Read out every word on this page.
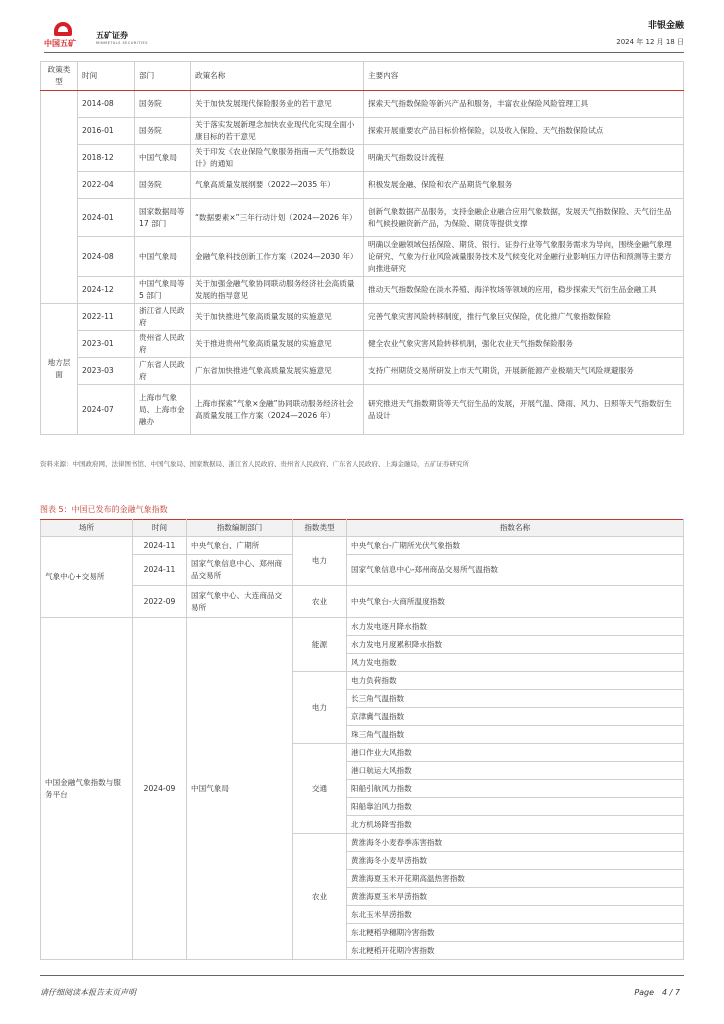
中国五矿
五矿证券
MINMETALS SECURITIES
非银金融
2024 年 12 月 18 日
政策类型	时间	部门	政策名称	主要内容
	2014-08	国务院	关于加快发展现代保险服务业的若干意见	探索天气指数保险等新兴产品和服务，丰富农业保险风险管理工具
	2016-01	国务院	关于落实发展新理念加快农业现代化实现全面小康目标的若干意见	探索开展重要农产品目标价格保险，以及收入保险、天气指数保险试点
	2018-12	中国气象局	关于印发《农业保险气象服务指南—天气指数设计》的通知	明确天气指数设计流程
	2022-04	国务院	气象高质量发展纲要（2022—2035 年）	积极发展金融、保险和农产品期货气象服务
	2024-01	国家数据局等 17 部门	“数据要素×”三年行动计划（2024—2026 年）	创新气象数据产品服务，支持金融企业融合应用气象数据，发展天气指数保险、天气衍生品和气候投融资新产品，为保险、期货等提供支撑
	2024-08	中国气象局	金融气象科技创新工作方案（2024—2030 年）	明确以金融领域包括保险、期货、银行、证券行业等气象服务需求为导向，围绕金融气象理论研究、气象为行业风险减量服务技术及气候变化对金融行业影响压力评估和预测等主要方向推进研究
	2024-12	中国气象局等 5 部门	关于加强金融气象协同联动服务经济社会高质量发展的指导意见	推动天气指数保险在淡水养殖、海洋牧场等领域的应用，稳步探索天气衍生品金融工具
地方层面	2022-11	浙江省人民政府	关于加快推进气象高质量发展的实施意见	完善气象灾害风险转移制度，推行气象巨灾保险，优化推广气象指数保险
	2023-01	贵州省人民政府	关于推进贵州气象高质量发展的实施意见	健全农业气象灾害风险转移机制，强化农业天气指数保险服务
	2023-03	广东省人民政府	广东省加快推进气象高质量发展实施意见	支持广州期货交易所研发上市天气期货，开展新能源产业极端天气风险规避服务
	2024-07	上海市气象局、上海市金融办	上海市探索“气象×金融”协同联动服务经济社会高质量发展工作方案（2024—2026 年）	研究推进天气指数期货等天气衍生品的发展，开展气温、降雨、风力、日照等天气指数衍生品设计
资料来源：中国政府网、法律图书馆、中国气象局、国家数据局、浙江省人民政府、贵州省人民政府、广东省人民政府、上海金融局，五矿证券研究所
图表 5：中国已发布的金融气象指数
场所	时间	指数编制部门	指数类型	指数名称
气象中心+交易所	2024-11	中央气象台、广期所	电力	中央气象台-广期所光伏气象指数
	2024-11	国家气象信息中心、郑州商品交易所		国家气象信息中心-郑州商品交易所气温指数
	2022-09	国家气象中心、大连商品交易所	农业	中央气象台-大商所温度指数
中国金融气象指数与服务平台	2024-09	中国气象局	能源	水力发电逐月降水指数
				水力发电月度累积降水指数
				风力发电指数
			电力	电力负荷指数
				长三角气温指数
				京津冀气温指数
				珠三角气温指数
			交通	港口作业大风指数
				港口航运大风指数
				阳船引航风力指数
				阳船靠泊风力指数
				北方机场降雪指数
			农业	黄淮海冬小麦春季冻害指数
				黄淮海冬小麦旱涝指数
				黄淮海夏玉米开花期高温热害指数
				黄淮海夏玉米旱涝指数
				东北玉米旱涝指数
				东北粳稻孕穗期冷害指数
				东北粳稻开花期冷害指数
请仔细阅读本报告末页声明	Page　4 / 7
